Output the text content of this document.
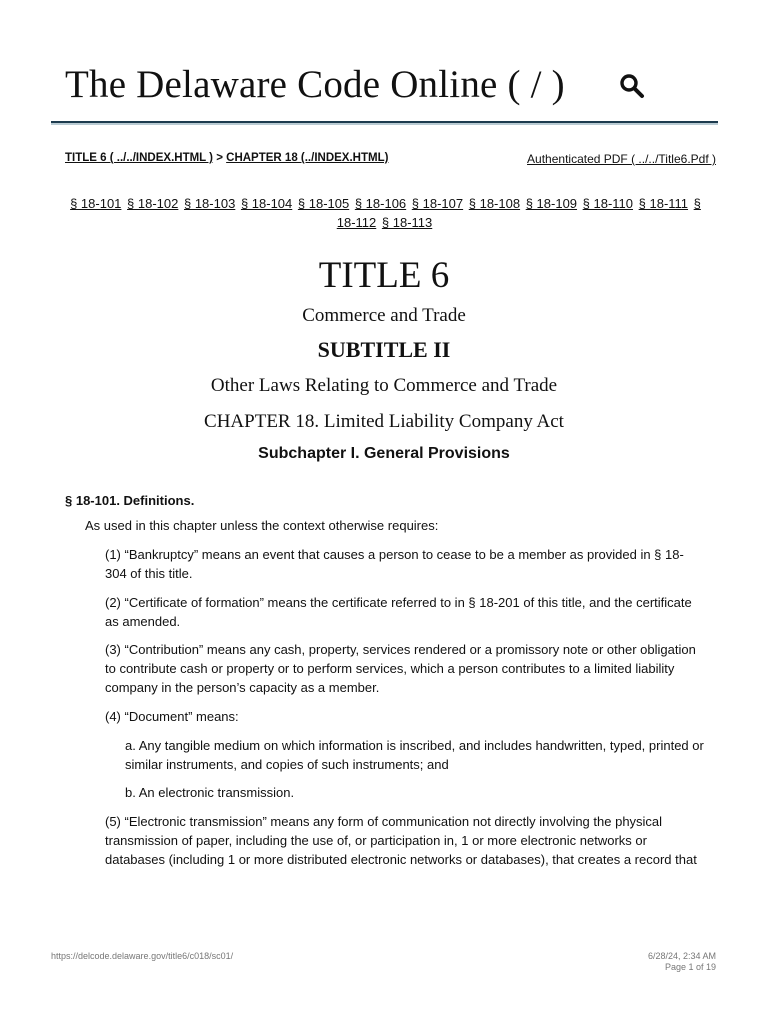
The Delaware Code Online ( / )
TITLE 6 ( ../../INDEX.HTML ) > CHAPTER 18 (../INDEX.HTML)	Authenticated PDF ( ../../Title6.Pdf )
§ 18-101 § 18-102 § 18-103 § 18-104 § 18-105 § 18-106 § 18-107 § 18-108 § 18-109 § 18-110 § 18-111 § 18-112 § 18-113
TITLE 6
Commerce and Trade
SUBTITLE II
Other Laws Relating to Commerce and Trade
CHAPTER 18. Limited Liability Company Act
Subchapter I. General Provisions
§ 18-101. Definitions.
As used in this chapter unless the context otherwise requires:
(1) “Bankruptcy” means an event that causes a person to cease to be a member as provided in § 18-304 of this title.
(2) “Certificate of formation” means the certificate referred to in § 18-201 of this title, and the certificate as amended.
(3) “Contribution” means any cash, property, services rendered or a promissory note or other obligation to contribute cash or property or to perform services, which a person contributes to a limited liability company in the person’s capacity as a member.
(4) “Document” means:
a. Any tangible medium on which information is inscribed, and includes handwritten, typed, printed or similar instruments, and copies of such instruments; and
b. An electronic transmission.
(5) “Electronic transmission” means any form of communication not directly involving the physical transmission of paper, including the use of, or participation in, 1 or more electronic networks or databases (including 1 or more distributed electronic networks or databases), that creates a record that
https://delcode.delaware.gov/title6/c018/sc01/	6/28/24, 2:34 AM
Page 1 of 19
